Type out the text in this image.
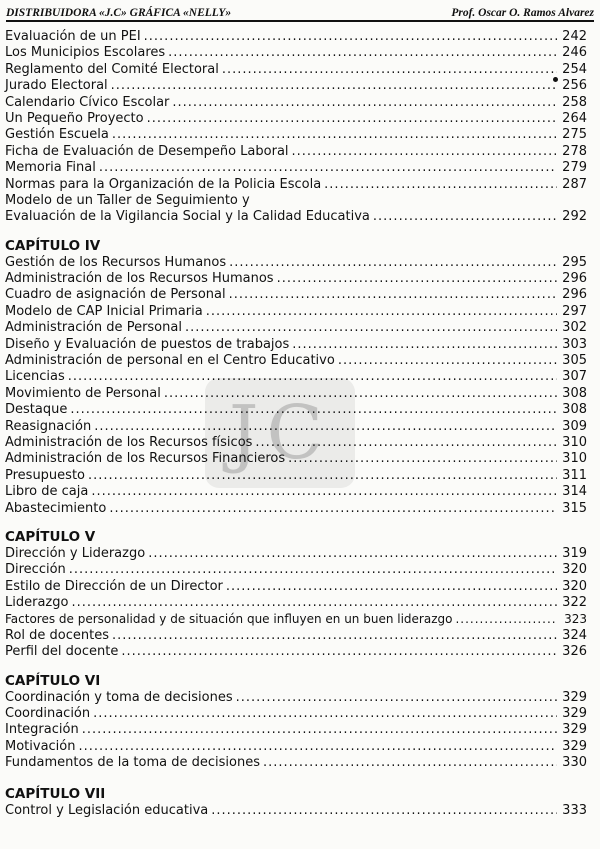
DISTRIBUIDORA «J.C» GRÁFICA «NELLY»	Prof. Oscar O. Ramos Alvarez
JC
Evaluación de un PEI .....	242
Los Municipios Escolares .....	246
Reglamento del Comité Electoral .....	254
Jurado Electoral .....	256
Calendario Cívico Escolar .....	258
Un Pequeño Proyecto .....	264
Gestión Escuela .....	275
Ficha de Evaluación de Desempeño Laboral .....	278
Memoria Final .....	279
Normas para la Organización de la Policia Escola .....	287
Modelo de un Taller de Seguimiento y
Evaluación de la Vigilancia Social y la Calidad Educativa .....	292
CAPÍTULO IV
Gestión de los Recursos Humanos .....	295
Administración de los Recursos Humanos .....	296
Cuadro de asignación de Personal .....	296
Modelo de CAP Inicial Primaria .....	297
Administración de Personal .....	302
Diseño y Evaluación de puestos de trabajos .....	303
Administración de personal en el Centro Educativo .....	305
Licencias .....	307
Movimiento de Personal .....	308
Destaque .....	308
Reasignación .....	309
Administración de los Recursos físicos .....	310
Administración de los Recursos Financieros .....	310
Presupuesto .....	311
Libro de caja .....	314
Abastecimiento .....	315
CAPÍTULO V
Dirección y Liderazgo .....	319
Dirección .....	320
Estilo de Dirección de un Director .....	320
Liderazgo .....	322
Factores de personalidad y de situación que influyen en un buen liderazgo .....	323
Rol de docentes .....	324
Perfil del docente .....	326
CAPÍTULO VI
Coordinación y toma de decisiones .....	329
Coordinación .....	329
Integración .....	329
Motivación .....	329
Fundamentos de la toma de decisiones .....	330
CAPÍTULO VII
Control y Legislación educativa .....	333
